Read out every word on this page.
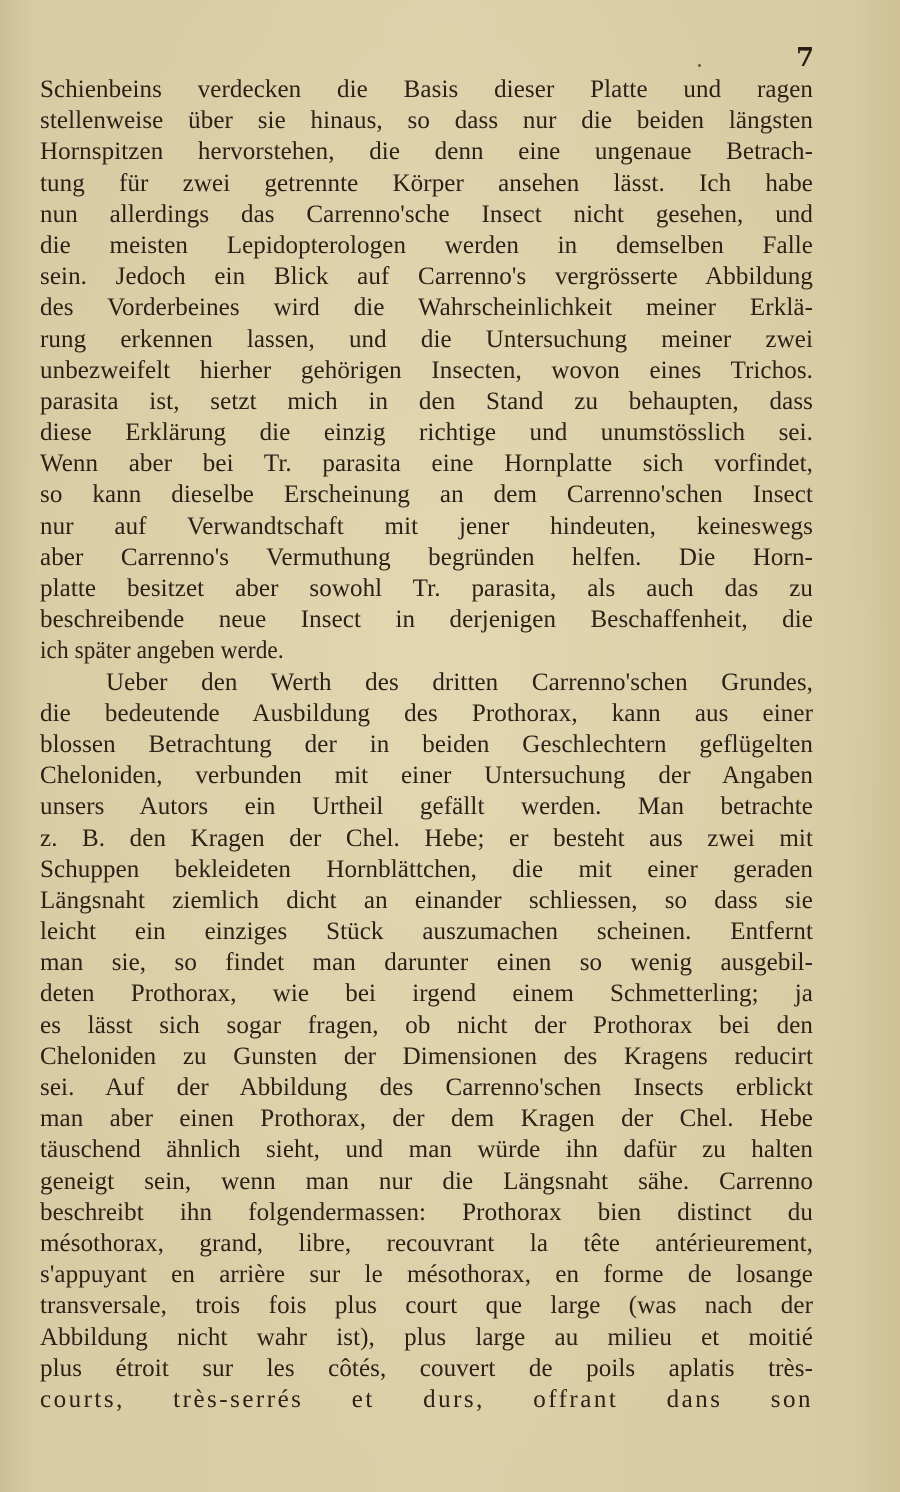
7
Schienbeins verdecken die Basis dieser Platte und ragen
stellenweise über sie hinaus, so dass nur die beiden längsten
Hornspitzen hervorstehen, die denn eine ungenaue Betrach-
tung für zwei getrennte Körper ansehen lässt. Ich habe
nun allerdings das Carrenno'sche Insect nicht gesehen, und
die meisten Lepidopterologen werden in demselben Falle
sein. Jedoch ein Blick auf Carrenno's vergrösserte Abbildung
des Vorderbeines wird die Wahrscheinlichkeit meiner Erklä-
rung erkennen lassen, und die Untersuchung meiner zwei
unbezweifelt hierher gehörigen Insecten, wovon eines Trichos.
parasita ist, setzt mich in den Stand zu behaupten, dass
diese Erklärung die einzig richtige und unumstösslich sei.
Wenn aber bei Tr. parasita eine Hornplatte sich vorfindet,
so kann dieselbe Erscheinung an dem Carrenno'schen Insect
nur auf Verwandtschaft mit jener hindeuten, keineswegs
aber Carrenno's Vermuthung begründen helfen. Die Horn-
platte besitzet aber sowohl Tr. parasita, als auch das zu
beschreibende neue Insect in derjenigen Beschaffenheit, die
ich später angeben werde.
Ueber den Werth des dritten Carrenno'schen Grundes,
die bedeutende Ausbildung des Prothorax, kann aus einer
blossen Betrachtung der in beiden Geschlechtern geflügelten
Cheloniden, verbunden mit einer Untersuchung der Angaben
unsers Autors ein Urtheil gefällt werden. Man betrachte
z. B. den Kragen der Chel. Hebe; er besteht aus zwei mit
Schuppen bekleideten Hornblättchen, die mit einer geraden
Längsnaht ziemlich dicht an einander schliessen, so dass sie
leicht ein einziges Stück auszumachen scheinen. Entfernt
man sie, so findet man darunter einen so wenig ausgebil-
deten Prothorax, wie bei irgend einem Schmetterling; ja
es lässt sich sogar fragen, ob nicht der Prothorax bei den
Cheloniden zu Gunsten der Dimensionen des Kragens reducirt
sei. Auf der Abbildung des Carrenno'schen Insects erblickt
man aber einen Prothorax, der dem Kragen der Chel. Hebe
täuschend ähnlich sieht, und man würde ihn dafür zu halten
geneigt sein, wenn man nur die Längsnaht sähe. Carrenno
beschreibt ihn folgendermassen: Prothorax bien distinct du
mésothorax, grand, libre, recouvrant la tête antérieurement,
s'appuyant en arrière sur le mésothorax, en forme de losange
transversale, trois fois plus court que large (was nach der
Abbildung nicht wahr ist), plus large au milieu et moitié
plus étroit sur les côtés, couvert de poils aplatis très-
courts, très-serrés et durs, offrant dans son
